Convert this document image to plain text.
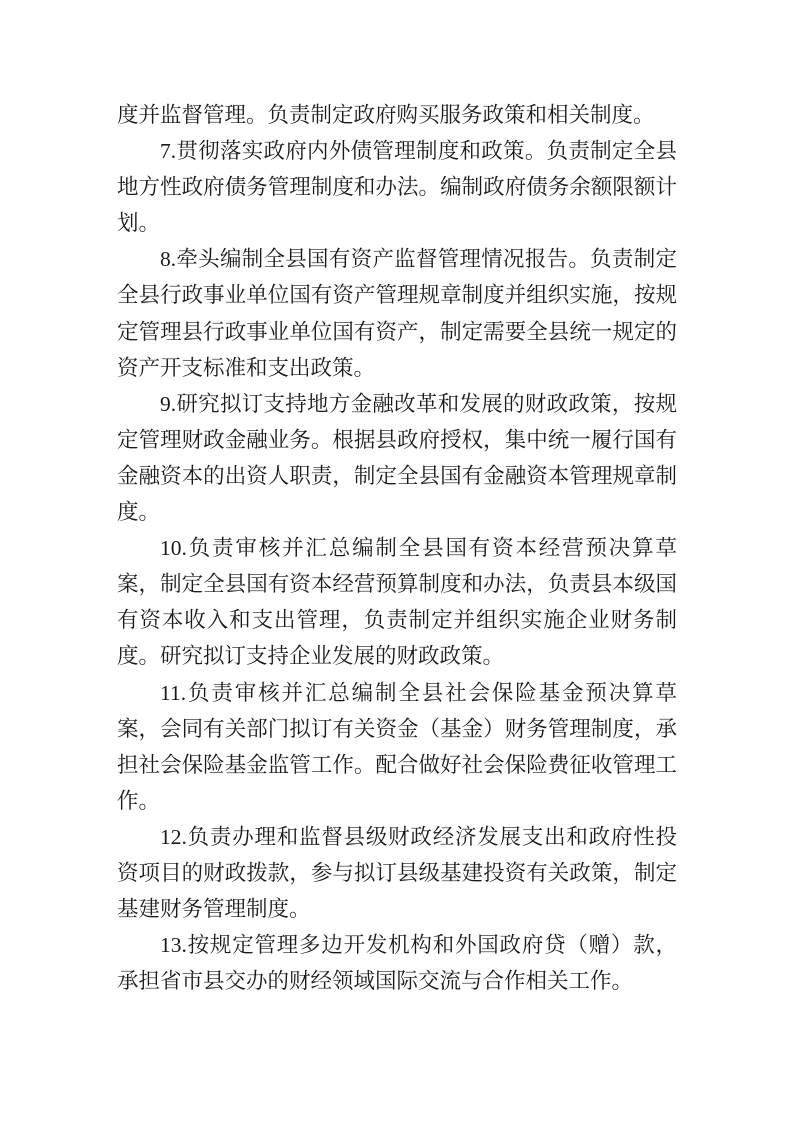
度并监督管理。负责制定政府购买服务政策和相关制度。
7.贯彻落实政府内外债管理制度和政策。负责制定全县
地方性政府债务管理制度和办法。编制政府债务余额限额计
划。
8.牵头编制全县国有资产监督管理情况报告。负责制定
全县行政事业单位国有资产管理规章制度并组织实施，按规
定管理县行政事业单位国有资产，制定需要全县统一规定的
资产开支标准和支出政策。
9.研究拟订支持地方金融改革和发展的财政政策，按规
定管理财政金融业务。根据县政府授权，集中统一履行国有
金融资本的出资人职责，制定全县国有金融资本管理规章制
度。
10.负责审核并汇总编制全县国有资本经营预决算草
案，制定全县国有资本经营预算制度和办法，负责县本级国
有资本收入和支出管理，负责制定并组织实施企业财务制
度。研究拟订支持企业发展的财政政策。
11.负责审核并汇总编制全县社会保险基金预决算草
案，会同有关部门拟订有关资金（基金）财务管理制度，承
担社会保险基金监管工作。配合做好社会保险费征收管理工
作。
12.负责办理和监督县级财政经济发展支出和政府性投
资项目的财政拨款，参与拟订县级基建投资有关政策，制定
基建财务管理制度。
13.按规定管理多边开发机构和外国政府贷（赠）款，
承担省市县交办的财经领域国际交流与合作相关工作。
